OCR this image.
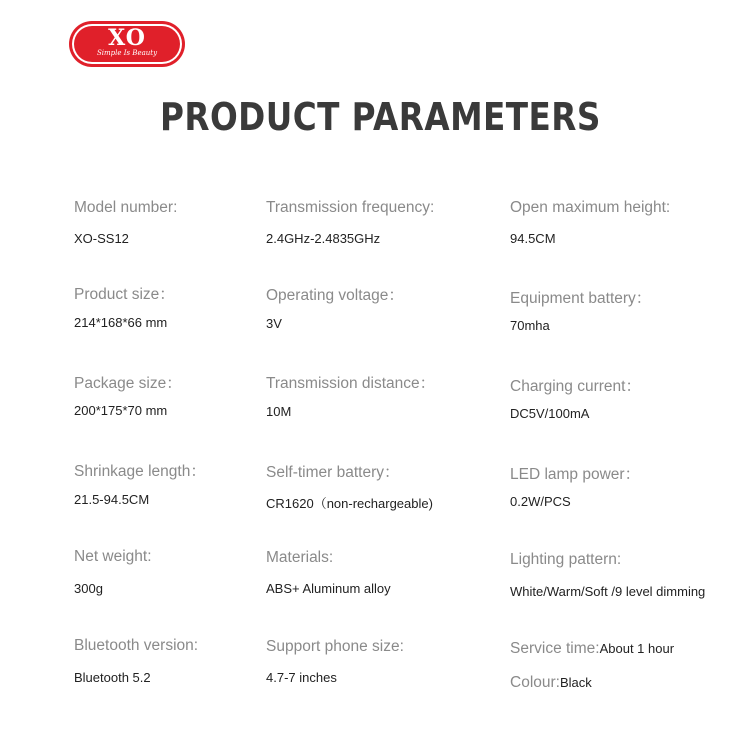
XO
Simple Is Beauty
PRODUCT PARAMETERS
Model number:
XO-SS12
Product size：
214*168*66 mm
Package size：
200*175*70 mm
Shrinkage length：
21.5-94.5CM
Net weight:
300g
Bluetooth version:
Bluetooth 5.2
Transmission frequency:
2.4GHz-2.4835GHz
Operating voltage：
3V
Transmission distance：
10M
Self-timer battery：
CR1620（non-rechargeable)
Materials:
ABS+ Aluminum alloy
Support phone size:
4.7-7 inches
Open maximum height:
94.5CM
Equipment battery：
70mha
Charging current：
DC5V/100mA
LED lamp power：
0.2W/PCS
Lighting pattern:
White/Warm/Soft /9 level dimming
Service time:About 1 hour
Colour:Black
